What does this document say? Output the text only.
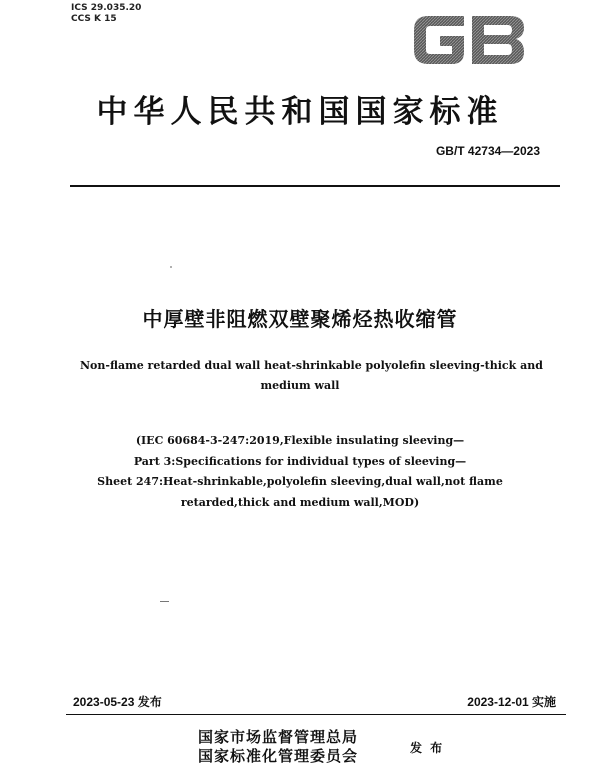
ICS 29.035.20
CCS K 15
GB
中华人民共和国国家标准
GB/T 42734—2023
中厚壁非阻燃双壁聚烯烃热收缩管
Non-flame retarded dual wall heat-shrinkable polyolefin sleeving-thick and
medium wall
(IEC 60684-3-247:2019,Flexible insulating sleeving—
Part 3:Specifications for individual types of sleeving—
Sheet 247:Heat-shrinkable,polyolefin sleeving,dual wall,not flame
retarded,thick and medium wall,MOD)
2023-05-23 发布	2023-12-01 实施
国家市场监督管理总局
国家标准化管理委员会	发 布
